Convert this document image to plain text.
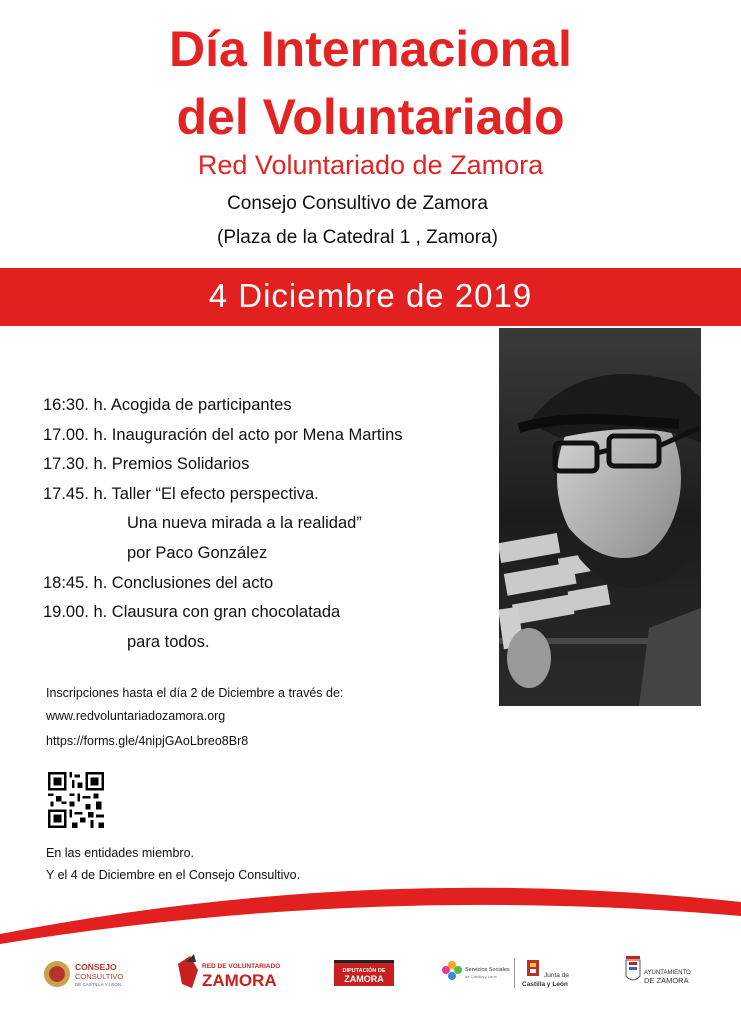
Día Internacional
del Voluntariado
Red Voluntariado de Zamora
Consejo Consultivo de Zamora
(Plaza de la Catedral 1 , Zamora)
4 Diciembre de 2019
16:30. h. Acogida de participantes
17.00. h. Inauguración del acto por Mena Martins
17.30. h. Premios Solidarios
17.45. h. Taller “El efecto perspectiva.
Una nueva mirada a la realidad”
por Paco González
18:45. h. Conclusiones del acto
19.00. h. Clausura con gran chocolatada
para todos.
Inscripciones hasta el día 2 de Diciembre a través de:
www.redvoluntariadozamora.org
https://forms.gle/4nipjGAoLbreo8Br8
En las entidades miembro.
Y el 4 de Diciembre en el Consejo Consultivo.
CONSEJO
CONSULTIVO
DE CASTILLA Y LEÓN
RED DE VOLUNTARIADO
ZAMORA	DIPUTACIÓN DE
ZAMORA
Servicios Sociales
de Castilla y León	Junta de
Castilla y León
AYUNTAMIENTO
DE ZAMORA
